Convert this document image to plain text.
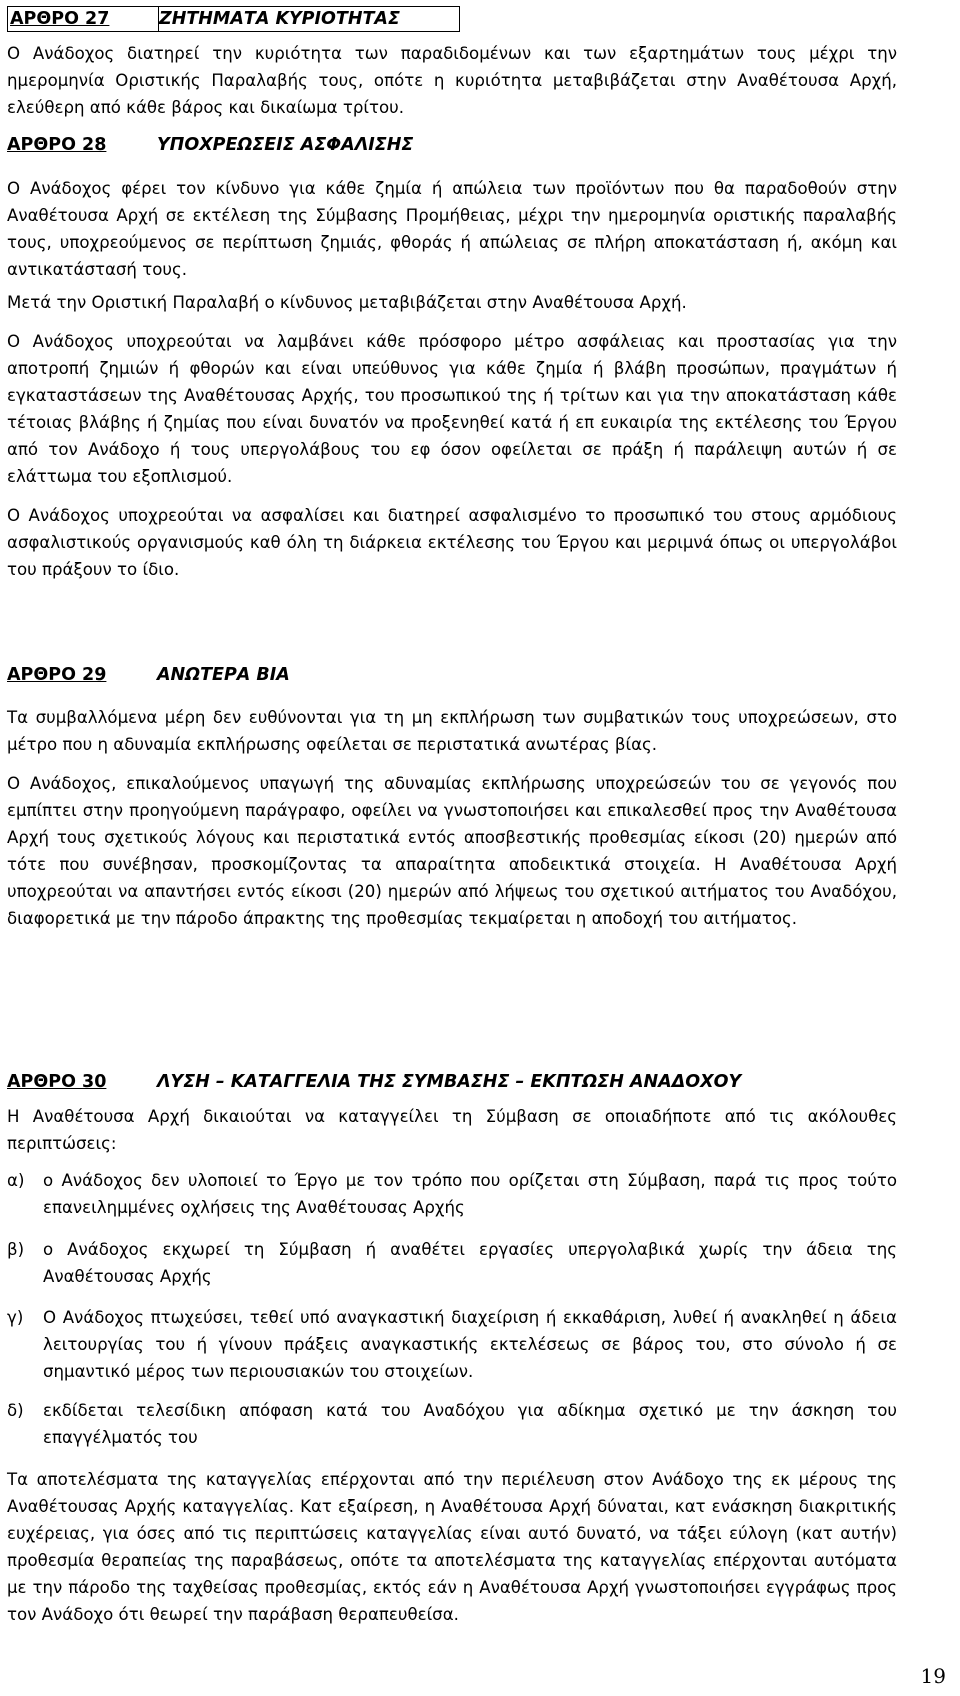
ΑΡΘΡΟ 27	ΖΗΤΗΜΑΤΑ ΚΥΡΙΟΤΗΤΑΣ

Ο Ανάδοχος διατηρεί την κυριότητα των παραδιδομένων και των εξαρτημάτων τους μέχρι την ημερομηνία Οριστικής Παραλαβής τους, οπότε η κυριότητα μεταβιβάζεται στην Αναθέτουσα Αρχή, ελεύθερη από κάθε βάρος και δικαίωμα τρίτου.

ΑΡΘΡΟ 28	ΥΠΟΧΡΕΩΣΕΙΣ ΑΣΦΑΛΙΣΗΣ

Ο Ανάδοχος φέρει τον κίνδυνο για κάθε ζημία ή απώλεια των προϊόντων που θα παραδοθούν στην Αναθέτουσα Αρχή σε εκτέλεση της Σύμβασης Προμήθειας, μέχρι την ημερομηνία οριστικής παραλαβής τους, υποχρεούμενος σε περίπτωση ζημιάς, φθοράς ή απώλειας σε πλήρη αποκατάσταση ή, ακόμη και αντικατάστασή τους.

Μετά την Οριστική Παραλαβή ο κίνδυνος μεταβιβάζεται στην Αναθέτουσα Αρχή.

Ο Ανάδοχος υποχρεούται να λαμβάνει κάθε πρόσφορο μέτρο ασφάλειας και προστασίας για την αποτροπή ζημιών ή φθορών και είναι υπεύθυνος για κάθε ζημία ή βλάβη προσώπων, πραγμάτων ή εγκαταστάσεων της Αναθέτουσας Αρχής, του προσωπικού της ή τρίτων και για την αποκατάσταση κάθε τέτοιας βλάβης ή ζημίας που είναι δυνατόν να προξενηθεί κατά ή επ ευκαιρία της εκτέλεσης του Έργου από τον Ανάδοχο ή τους υπεργολάβους του εφ όσον οφείλεται σε πράξη ή παράλειψη αυτών ή σε ελάττωμα του εξοπλισμού.

Ο Ανάδοχος υποχρεούται να ασφαλίσει και διατηρεί ασφαλισμένο το προσωπικό του στους αρμόδιους ασφαλιστικούς οργανισμούς καθ όλη τη διάρκεια εκτέλεσης του Έργου και μεριμνά όπως οι υπεργολάβοι του πράξουν το ίδιο.

ΑΡΘΡΟ 29	ΑΝΩΤΕΡΑ ΒΙΑ

Τα συμβαλλόμενα μέρη δεν ευθύνονται για τη μη εκπλήρωση των συμβατικών τους υποχρεώσεων, στο μέτρο που η αδυναμία εκπλήρωσης οφείλεται σε περιστατικά ανωτέρας βίας.

Ο Ανάδοχος, επικαλούμενος υπαγωγή της αδυναμίας εκπλήρωσης υποχρεώσεών του σε γεγονός που εμπίπτει στην προηγούμενη παράγραφο, οφείλει να γνωστοποιήσει και επικαλεσθεί προς την Αναθέτουσα Αρχή τους σχετικούς λόγους και περιστατικά εντός αποσβεστικής προθεσμίας είκοσι (20) ημερών από τότε που συνέβησαν, προσκομίζοντας τα απαραίτητα αποδεικτικά στοιχεία. Η Αναθέτουσα Αρχή υποχρεούται να απαντήσει εντός είκοσι (20) ημερών από λήψεως του σχετικού αιτήματος του Αναδόχου, διαφορετικά με την πάροδο άπρακτης της προθεσμίας τεκμαίρεται η αποδοχή του αιτήματος.

ΑΡΘΡΟ 30	ΛΥΣΗ – ΚΑΤΑΓΓΕΛΙΑ ΤΗΣ ΣΥΜΒΑΣΗΣ – ΕΚΠΤΩΣΗ ΑΝΑΔΟΧΟΥ

Η Αναθέτουσα Αρχή δικαιούται να καταγγείλει τη Σύμβαση σε οποιαδήποτε από τις ακόλουθες περιπτώσεις:

α) ο Ανάδοχος δεν υλοποιεί το Έργο με τον τρόπο που ορίζεται στη Σύμβαση, παρά τις προς τούτο επανειλημμένες οχλήσεις της Αναθέτουσας Αρχής
β) ο Ανάδοχος εκχωρεί τη Σύμβαση ή αναθέτει εργασίες υπεργολαβικά χωρίς την άδεια της Αναθέτουσας Αρχής
γ) Ο Ανάδοχος πτωχεύσει, τεθεί υπό αναγκαστική διαχείριση ή εκκαθάριση, λυθεί ή ανακληθεί η άδεια λειτουργίας του ή γίνουν πράξεις αναγκαστικής εκτελέσεως σε βάρος του, στο σύνολο ή σε σημαντικό μέρος των περιουσιακών του στοιχείων.
δ) εκδίδεται τελεσίδικη απόφαση κατά του Αναδόχου για αδίκημα σχετικό με την άσκηση του επαγγέλματός του

Τα αποτελέσματα της καταγγελίας επέρχονται από την περιέλευση στον Ανάδοχο της εκ μέρους της Αναθέτουσας Αρχής καταγγελίας. Κατ εξαίρεση, η Αναθέτουσα Αρχή δύναται, κατ ενάσκηση διακριτικής ευχέρειας, για όσες από τις περιπτώσεις καταγγελίας είναι αυτό δυνατό, να τάξει εύλογη (κατ αυτήν) προθεσμία θεραπείας της παραβάσεως, οπότε τα αποτελέσματα της καταγγελίας επέρχονται αυτόματα με την πάροδο της ταχθείσας προθεσμίας, εκτός εάν η Αναθέτουσα Αρχή γνωστοποιήσει εγγράφως προς τον Ανάδοχο ότι θεωρεί την παράβαση θεραπευθείσα.

19
